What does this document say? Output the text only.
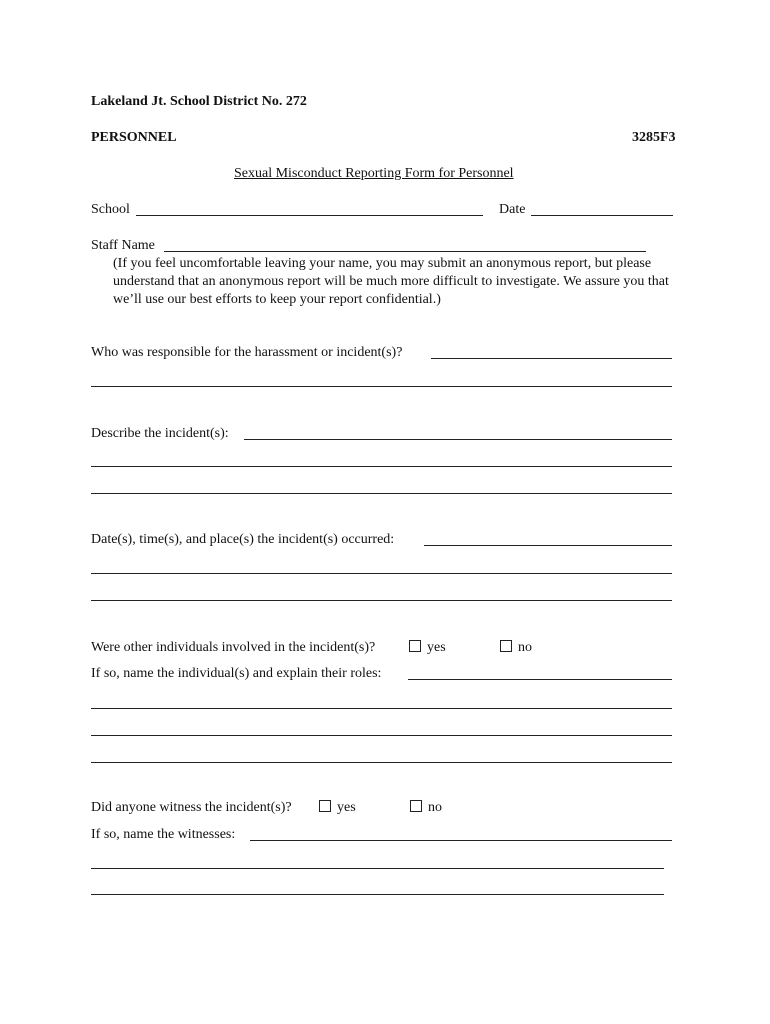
Lakeland Jt. School District No. 272
PERSONNEL	3285F3
Sexual Misconduct Reporting Form for Personnel
School	Date
Staff Name
(If you feel uncomfortable leaving your name, you may submit an anonymous report, but please understand that an anonymous report will be much more difficult to investigate. We assure you that we’ll use our best efforts to keep your report confidential.)
Who was responsible for the harassment or incident(s)?
Describe the incident(s):
Date(s), time(s), and place(s) the incident(s) occurred:
Were other individuals involved in the incident(s)?	yes	no
If so, name the individual(s) and explain their roles:
Did anyone witness the incident(s)?	yes	no
If so, name the witnesses:
